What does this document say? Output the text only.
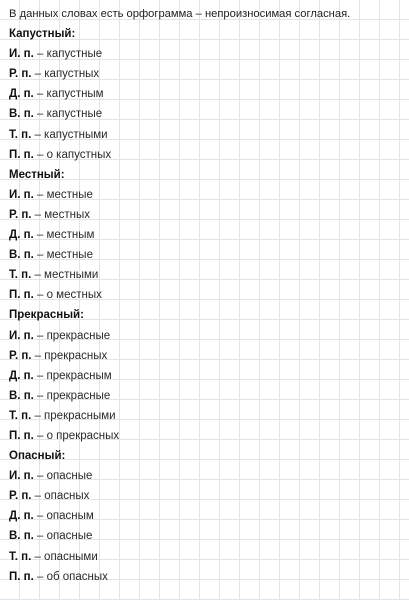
В данных словах есть орфограмма – непроизносимая согласная.
Капустный:
И. п. – капустные
Р. п. – капустных
Д. п. – капустным
В. п. – капустные
Т. п. – капустными
П. п. – о капустных
Местный:
И. п. – местные
Р. п. – местных
Д. п. – местным
В. п. – местные
Т. п. – местными
П. п. – о местных
Прекрасный:
И. п. – прекрасные
Р. п. – прекрасных
Д. п. – прекрасным
В. п. – прекрасные
Т. п. – прекрасными
П. п. – о прекрасных
Опасный:
И. п. – опасные
Р. п. – опасных
Д. п. – опасным
В. п. – опасные
Т. п. – опасными
П. п. – об опасных
